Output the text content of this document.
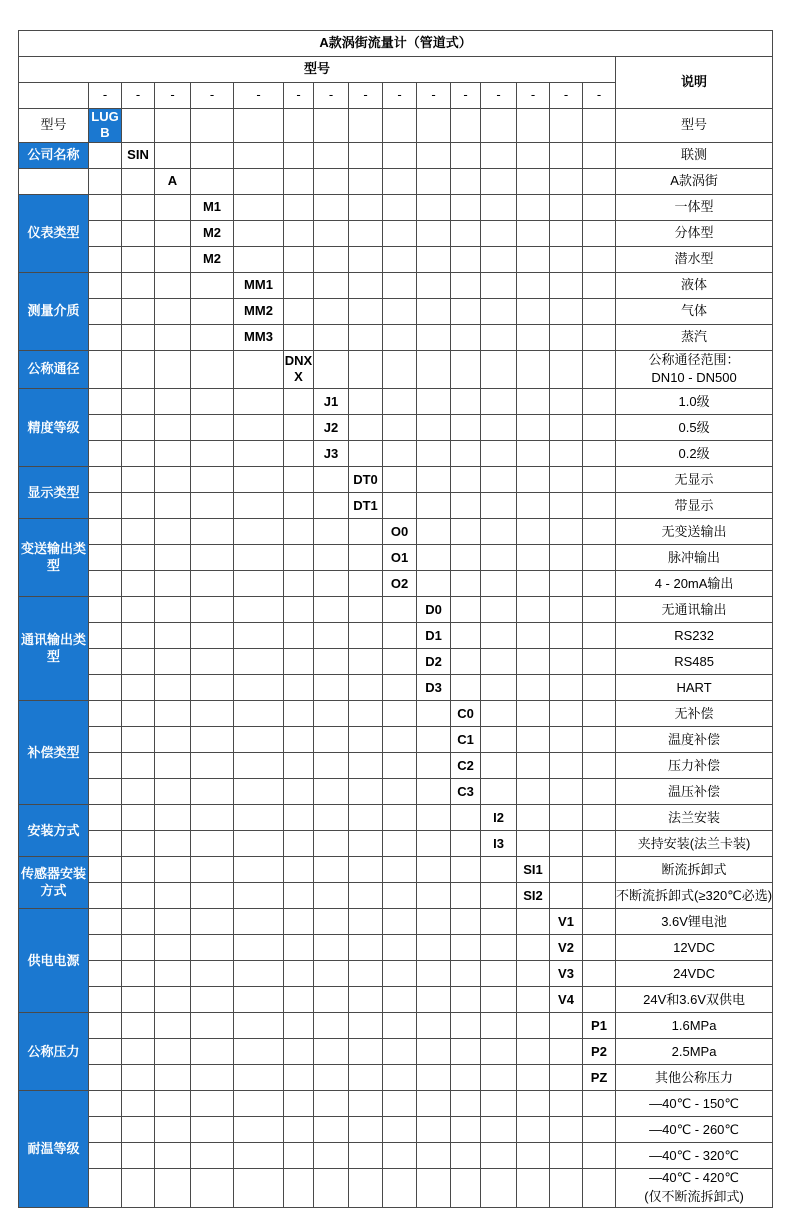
A款涡街流量计（管道式）																
型号																说明
	-	-	-	-	-	-	-	-	-	-	-	-	-	-	-	
型号	LUGB															型号
公司名称		SIN														联测
			A													A款涡街
仪表类型				M1												一体型
				M2												分体型
				M2												潜水型
测量介质					MM1											液体
					MM2											气体
					MM3											蒸汽
公称通径						DNXX										公称通径范围：
DN10 - DN500

精度等级							J1									1.0级
							J2									0.5级
							J3									0.2级
显示类型								DT0								无显示
								DT1								带显示
变送输出类型									O0							无变送输出
									O1							脉冲输出
									O2							4 - 20mA输出
通讯输出类型										D0						无通讯输出
										D1						RS232
										D2						RS485
										D3						HART
补偿类型											C0					无补偿
											C1					温度补偿
											C2					压力补偿
											C3					温压补偿
安装方式												I2				法兰安装
												I3				夹持安装(法兰卡装)
传感器安装方式													SI1			断流拆卸式
													SI2			不断流拆卸式(≥320℃必选)
供电电源														V1		3.6V锂电池
														V2		12VDC
														V3		24VDC
														V4		24V和3.6V双供电
公称压力															P1	1.6MPa
															P2	2.5MPa
															PZ	其他公称压力
耐温等级																—40℃ - 150℃
																—40℃ - 260℃
																—40℃ - 320℃

																—40℃ - 420℃
(仅不断流拆卸式)
